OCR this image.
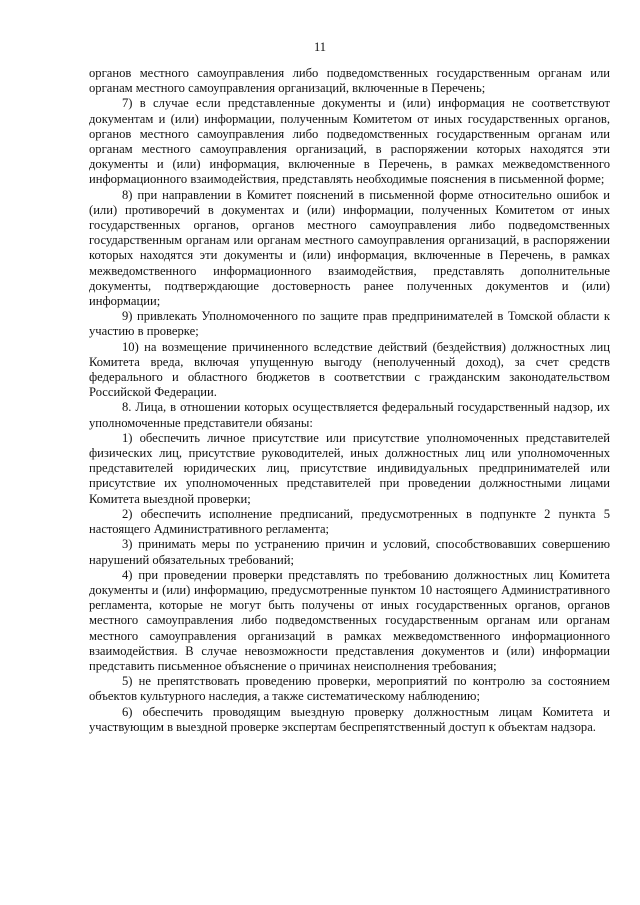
11

органов местного самоуправления либо подведомственных государственным органам или органам местного самоуправления организаций, включенные в Перечень;

7) в случае если представленные документы и (или) информация не соответствуют документам и (или) информации, полученным Комитетом от иных государственных органов, органов местного самоуправления либо подведомственных государственным органам или органам местного самоуправления организаций, в распоряжении которых находятся эти документы и (или) информация, включенные в Перечень, в рамках межведомственного информационного взаимодействия, представлять необходимые пояснения в письменной форме;

8) при направлении в Комитет пояснений в письменной форме относительно ошибок и (или) противоречий в документах и (или) информации, полученных Комитетом от иных государственных органов, органов местного самоуправления либо подведомственных государственным органам или органам местного самоуправления организаций, в распоряжении которых находятся эти документы и (или) информация, включенные в Перечень, в рамках межведомственного информационного взаимодействия, представлять дополнительные документы, подтверждающие достоверность ранее полученных документов и (или) информации;

9) привлекать Уполномоченного по защите прав предпринимателей в Томской области к участию в проверке;

10) на возмещение причиненного вследствие действий (бездействия) должностных лиц Комитета вреда, включая упущенную выгоду (неполученный доход), за счет средств федерального и областного бюджетов в соответствии с гражданским законодательством Российской Федерации.

8. Лица, в отношении которых осуществляется федеральный государственный надзор, их уполномоченные представители обязаны:

1) обеспечить личное присутствие или присутствие уполномоченных представителей физических лиц, присутствие руководителей, иных должностных лиц или уполномоченных представителей юридических лиц, присутствие индивидуальных предпринимателей или присутствие их уполномоченных представителей при проведении должностными лицами Комитета выездной проверки;

2) обеспечить исполнение предписаний, предусмотренных в подпункте 2 пункта 5 настоящего Административного регламента;

3) принимать меры по устранению причин и условий, способствовавших совершению нарушений обязательных требований;

4) при проведении проверки представлять по требованию должностных лиц Комитета документы и (или) информацию, предусмотренные пунктом 10 настоящего Административного регламента, которые не могут быть получены от иных государственных органов, органов местного самоуправления либо подведомственных государственным органам или органам местного самоуправления организаций в рамках межведомственного информационного взаимодействия. В случае невозможности представления документов и (или) информации представить письменное объяснение о причинах неисполнения требования;

5) не препятствовать проведению проверки, мероприятий по контролю за состоянием объектов культурного наследия, а также систематическому наблюдению;

6) обеспечить проводящим выездную проверку должностным лицам Комитета и участвующим в выездной проверке экспертам беспрепятственный доступ к объектам надзора.
